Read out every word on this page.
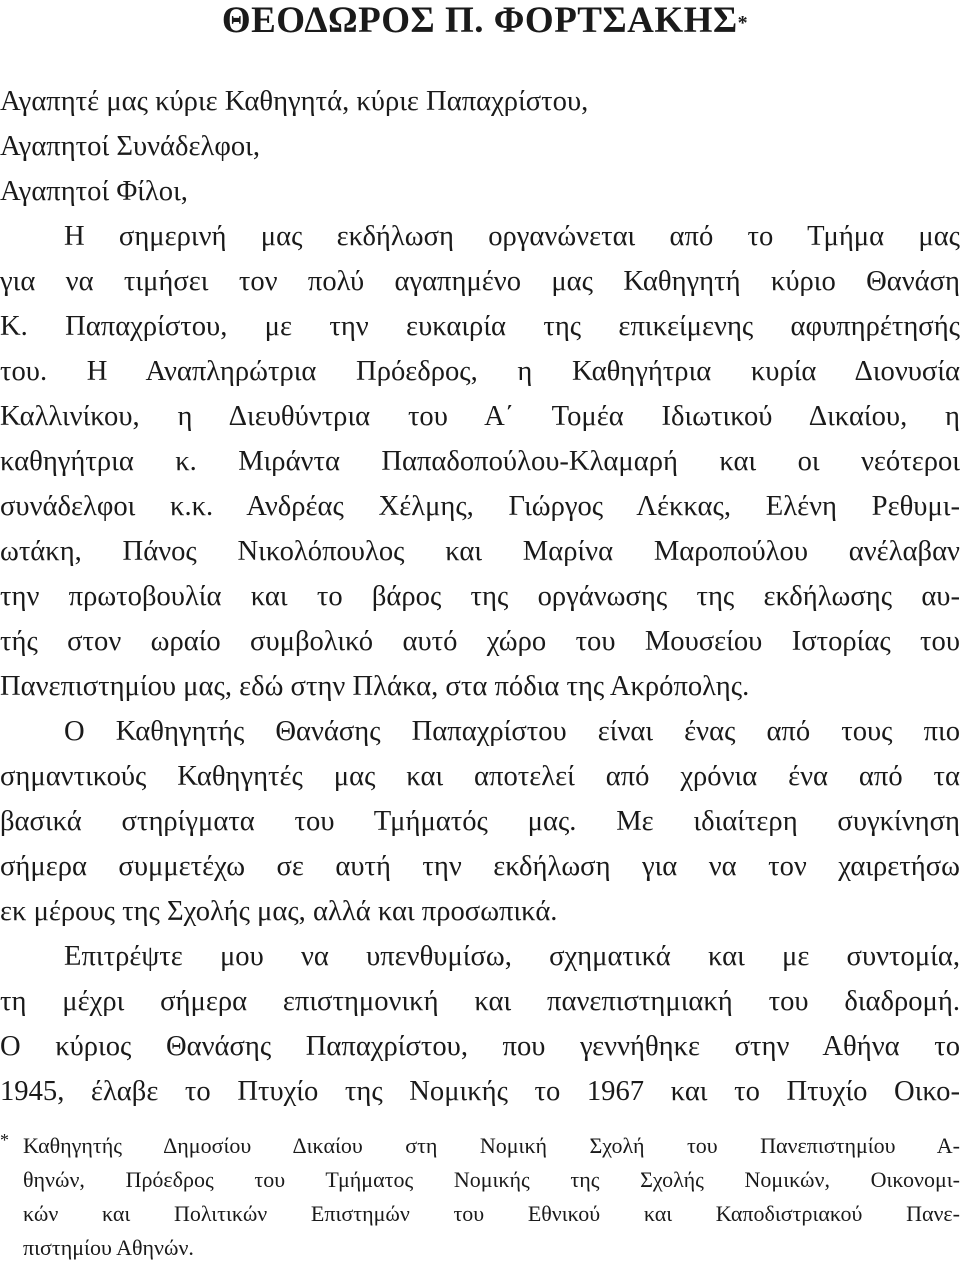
ΘΕΟΔΩΡΟΣ Π. ΦΟΡΤΣΑΚΗΣ*
Αγαπητέ μας κύριε Καθηγητά, κύριε Παπαχρίστου,
Αγαπητοί Συνάδελφοι,
Αγαπητοί Φίλοι,
Η σημερινή μας εκδήλωση οργανώνεται από το Τμήμα μας
για να τιμήσει τον πολύ αγαπημένο μας Καθηγητή κύριο Θανάση
Κ. Παπαχρίστου, με την ευκαιρία της επικείμενης αφυπηρέτησής
του. Η Αναπληρώτρια Πρόεδρος, η Καθηγήτρια κυρία Διονυσία
Καλλινίκου, η Διευθύντρια του Α΄ Τομέα Ιδιωτικού Δικαίου, η
καθηγήτρια κ. Μιράντα Παπαδοπούλου-Κλαμαρή και οι νεότεροι
συνάδελφοι κ.κ. Ανδρέας Χέλμης, Γιώργος Λέκκας, Ελένη Ρεθυμι-
ωτάκη, Πάνος Νικολόπουλος και Μαρίνα Μαροπούλου ανέλαβαν
την πρωτοβουλία και το βάρος της οργάνωσης της εκδήλωσης αυ-
τής στον ωραίο συμβολικό αυτό χώρο του Μουσείου Ιστορίας του
Πανεπιστημίου μας, εδώ στην Πλάκα, στα πόδια της Ακρόπολης.
Ο Καθηγητής Θανάσης Παπαχρίστου είναι ένας από τους πιο
σημαντικούς Καθηγητές μας και αποτελεί από χρόνια ένα από τα
βασικά στηρίγματα του Τμήματός μας. Με ιδιαίτερη συγκίνηση
σήμερα συμμετέχω σε αυτή την εκδήλωση για να τον χαιρετήσω
εκ μέρους της Σχολής μας, αλλά και προσωπικά.
Επιτρέψτε μου να υπενθυμίσω, σχηματικά και με συντομία,
τη μέχρι σήμερα επιστημονική και πανεπιστημιακή του διαδρομή.
Ο κύριος Θανάσης Παπαχρίστου, που γεννήθηκε στην Αθήνα το
1945, έλαβε το Πτυχίο της Νομικής το 1967 και το Πτυχίο Οικο-
* Καθηγητής Δημοσίου Δικαίου στη Νομική Σχολή του Πανεπιστημίου Α-
θηνών, Πρόεδρος του Τμήματος Νομικής της Σχολής Νομικών, Οικονομι-
κών και Πολιτικών Επιστημών του Εθνικού και Καποδιστριακού Πανε-
πιστημίου Αθηνών.
